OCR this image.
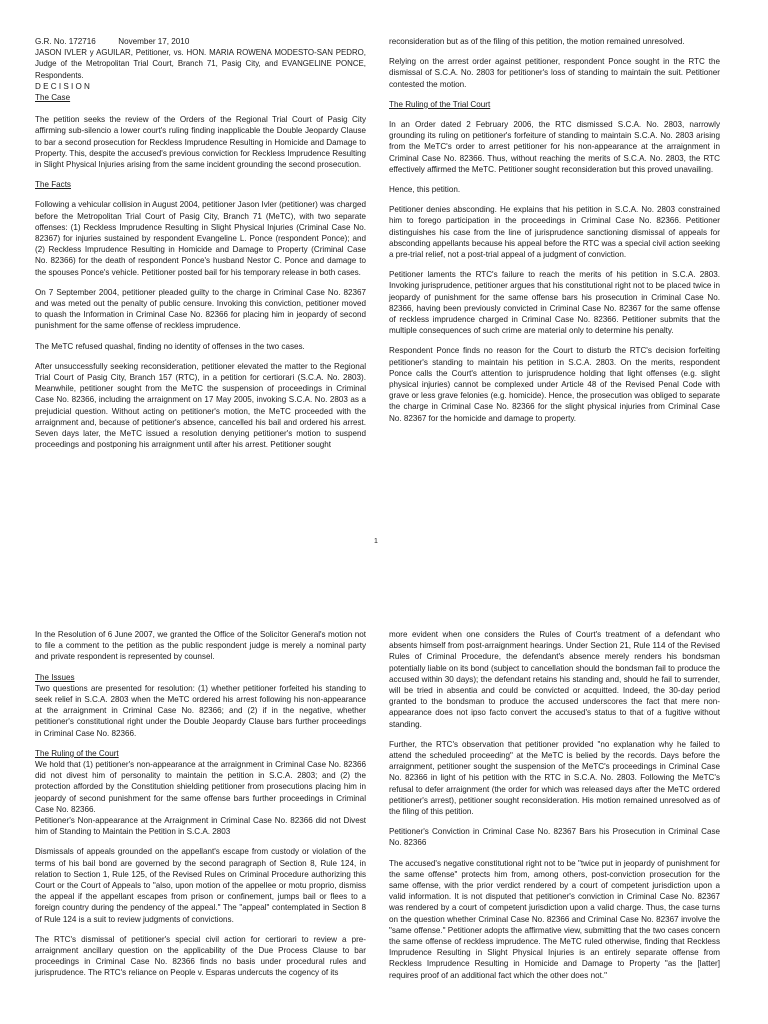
G.R. No. 172716          November 17, 2010

JASON IVLER y AGUILAR, Petitioner, vs. HON. MARIA ROWENA MODESTO-SAN PEDRO, Judge of the Metropolitan Trial Court, Branch 71, Pasig City, and EVANGELINE PONCE, Respondents.

D E C I S I O N

The Case

The petition seeks the review of the Orders of the Regional Trial Court of Pasig City affirming sub-silencio a lower court's ruling finding inapplicable the Double Jeopardy Clause to bar a second prosecution for Reckless Imprudence Resulting in Homicide and Damage to Property. This, despite the accused's previous conviction for Reckless Imprudence Resulting in Slight Physical Injuries arising from the same incident grounding the second prosecution.

The Facts

Following a vehicular collision in August 2004, petitioner Jason Ivler (petitioner) was charged before the Metropolitan Trial Court of Pasig City, Branch 71 (MeTC), with two separate offenses: (1) Reckless Imprudence Resulting in Slight Physical Injuries (Criminal Case No. 82367) for injuries sustained by respondent Evangeline L. Ponce (respondent Ponce); and (2) Reckless Imprudence Resulting in Homicide and Damage to Property (Criminal Case No. 82366) for the death of respondent Ponce's husband Nestor C. Ponce and damage to the spouses Ponce's vehicle. Petitioner posted bail for his temporary release in both cases.

On 7 September 2004, petitioner pleaded guilty to the charge in Criminal Case No. 82367 and was meted out the penalty of public censure. Invoking this conviction, petitioner moved to quash the Information in Criminal Case No. 82366 for placing him in jeopardy of second punishment for the same offense of reckless imprudence.

The MeTC refused quashal, finding no identity of offenses in the two cases.

After unsuccessfully seeking reconsideration, petitioner elevated the matter to the Regional Trial Court of Pasig City, Branch 157 (RTC), in a petition for certiorari (S.C.A. No. 2803). Meanwhile, petitioner sought from the MeTC the suspension of proceedings in Criminal Case No. 82366, including the arraignment on 17 May 2005, invoking S.C.A. No. 2803 as a prejudicial question. Without acting on petitioner's motion, the MeTC proceeded with the arraignment and, because of petitioner's absence, cancelled his bail and ordered his arrest. Seven days later, the MeTC issued a resolution denying petitioner's motion to suspend proceedings and postponing his arraignment until after his arrest. Petitioner sought

reconsideration but as of the filing of this petition, the motion remained unresolved.

Relying on the arrest order against petitioner, respondent Ponce sought in the RTC the dismissal of S.C.A. No. 2803 for petitioner's loss of standing to maintain the suit. Petitioner contested the motion.

The Ruling of the Trial Court

In an Order dated 2 February 2006, the RTC dismissed S.C.A. No. 2803, narrowly grounding its ruling on petitioner's forfeiture of standing to maintain S.C.A. No. 2803 arising from the MeTC's order to arrest petitioner for his non-appearance at the arraignment in Criminal Case No. 82366. Thus, without reaching the merits of S.C.A. No. 2803, the RTC effectively affirmed the MeTC. Petitioner sought reconsideration but this proved unavailing.

Hence, this petition.

Petitioner denies absconding. He explains that his petition in S.C.A. No. 2803 constrained him to forego participation in the proceedings in Criminal Case No. 82366. Petitioner distinguishes his case from the line of jurisprudence sanctioning dismissal of appeals for absconding appellants because his appeal before the RTC was a special civil action seeking a pre-trial relief, not a post-trial appeal of a judgment of conviction.

Petitioner laments the RTC's failure to reach the merits of his petition in S.C.A. 2803. Invoking jurisprudence, petitioner argues that his constitutional right not to be placed twice in jeopardy of punishment for the same offense bars his prosecution in Criminal Case No. 82366, having been previously convicted in Criminal Case No. 82367 for the same offense of reckless imprudence charged in Criminal Case No. 82366. Petitioner submits that the multiple consequences of such crime are material only to determine his penalty.

Respondent Ponce finds no reason for the Court to disturb the RTC's decision forfeiting petitioner's standing to maintain his petition in S.C.A. 2803. On the merits, respondent Ponce calls the Court's attention to jurisprudence holding that light offenses (e.g. slight physical injuries) cannot be complexed under Article 48 of the Revised Penal Code with grave or less grave felonies (e.g. homicide). Hence, the prosecution was obliged to separate the charge in Criminal Case No. 82366 for the slight physical injuries from Criminal Case No. 82367 for the homicide and damage to property.

1

In the Resolution of 6 June 2007, we granted the Office of the Solicitor General's motion not to file a comment to the petition as the public respondent judge is merely a nominal party and private respondent is represented by counsel.

The Issues

Two questions are presented for resolution: (1) whether petitioner forfeited his standing to seek relief in S.C.A. 2803 when the MeTC ordered his arrest following his non-appearance at the arraignment in Criminal Case No. 82366; and (2) if in the negative, whether petitioner's constitutional right under the Double Jeopardy Clause bars further proceedings in Criminal Case No. 82366.

The Ruling of the Court

We hold that (1) petitioner's non-appearance at the arraignment in Criminal Case No. 82366 did not divest him of personality to maintain the petition in S.C.A. 2803; and (2) the protection afforded by the Constitution shielding petitioner from prosecutions placing him in jeopardy of second punishment for the same offense bars further proceedings in Criminal Case No. 82366.

Petitioner's Non-appearance at the Arraignment in Criminal Case No. 82366 did not Divest him of Standing to Maintain the Petition in S.C.A. 2803

Dismissals of appeals grounded on the appellant's escape from custody or violation of the terms of his bail bond are governed by the second paragraph of Section 8, Rule 124, in relation to Section 1, Rule 125, of the Revised Rules on Criminal Procedure authorizing this Court or the Court of Appeals to "also, upon motion of the appellee or motu proprio, dismiss the appeal if the appellant escapes from prison or confinement, jumps bail or flees to a foreign country during the pendency of the appeal." The "appeal" contemplated in Section 8 of Rule 124 is a suit to review judgments of convictions.

The RTC's dismissal of petitioner's special civil action for certiorari to review a pre-arraignment ancillary question on the applicability of the Due Process Clause to bar proceedings in Criminal Case No. 82366 finds no basis under procedural rules and jurisprudence. The RTC's reliance on People v. Esparas undercuts the cogency of its

more evident when one considers the Rules of Court's treatment of a defendant who absents himself from post-arraignment hearings. Under Section 21, Rule 114 of the Revised Rules of Criminal Procedure, the defendant's absence merely renders his bondsman potentially liable on its bond (subject to cancellation should the bondsman fail to produce the accused within 30 days); the defendant retains his standing and, should he fail to surrender, will be tried in absentia and could be convicted or acquitted. Indeed, the 30-day period granted to the bondsman to produce the accused underscores the fact that mere non-appearance does not ipso facto convert the accused's status to that of a fugitive without standing.

Further, the RTC's observation that petitioner provided "no explanation why he failed to attend the scheduled proceeding" at the MeTC is belied by the records. Days before the arraignment, petitioner sought the suspension of the MeTC's proceedings in Criminal Case No. 82366 in light of his petition with the RTC in S.C.A. No. 2803. Following the MeTC's refusal to defer arraignment (the order for which was released days after the MeTC ordered petitioner's arrest), petitioner sought reconsideration. His motion remained unresolved as of the filing of this petition.

Petitioner's Conviction in Criminal Case No. 82367 Bars his Prosecution in Criminal Case No. 82366

The accused's negative constitutional right not to be "twice put in jeopardy of punishment for the same offense" protects him from, among others, post-conviction prosecution for the same offense, with the prior verdict rendered by a court of competent jurisdiction upon a valid information. It is not disputed that petitioner's conviction in Criminal Case No. 82367 was rendered by a court of competent jurisdiction upon a valid charge. Thus, the case turns on the question whether Criminal Case No. 82366 and Criminal Case No. 82367 involve the "same offense." Petitioner adopts the affirmative view, submitting that the two cases concern the same offense of reckless imprudence. The MeTC ruled otherwise, finding that Reckless Imprudence Resulting in Slight Physical Injuries is an entirely separate offense from Reckless Imprudence Resulting in Homicide and Damage to Property "as the [latter] requires proof of an additional fact which the other does not."
